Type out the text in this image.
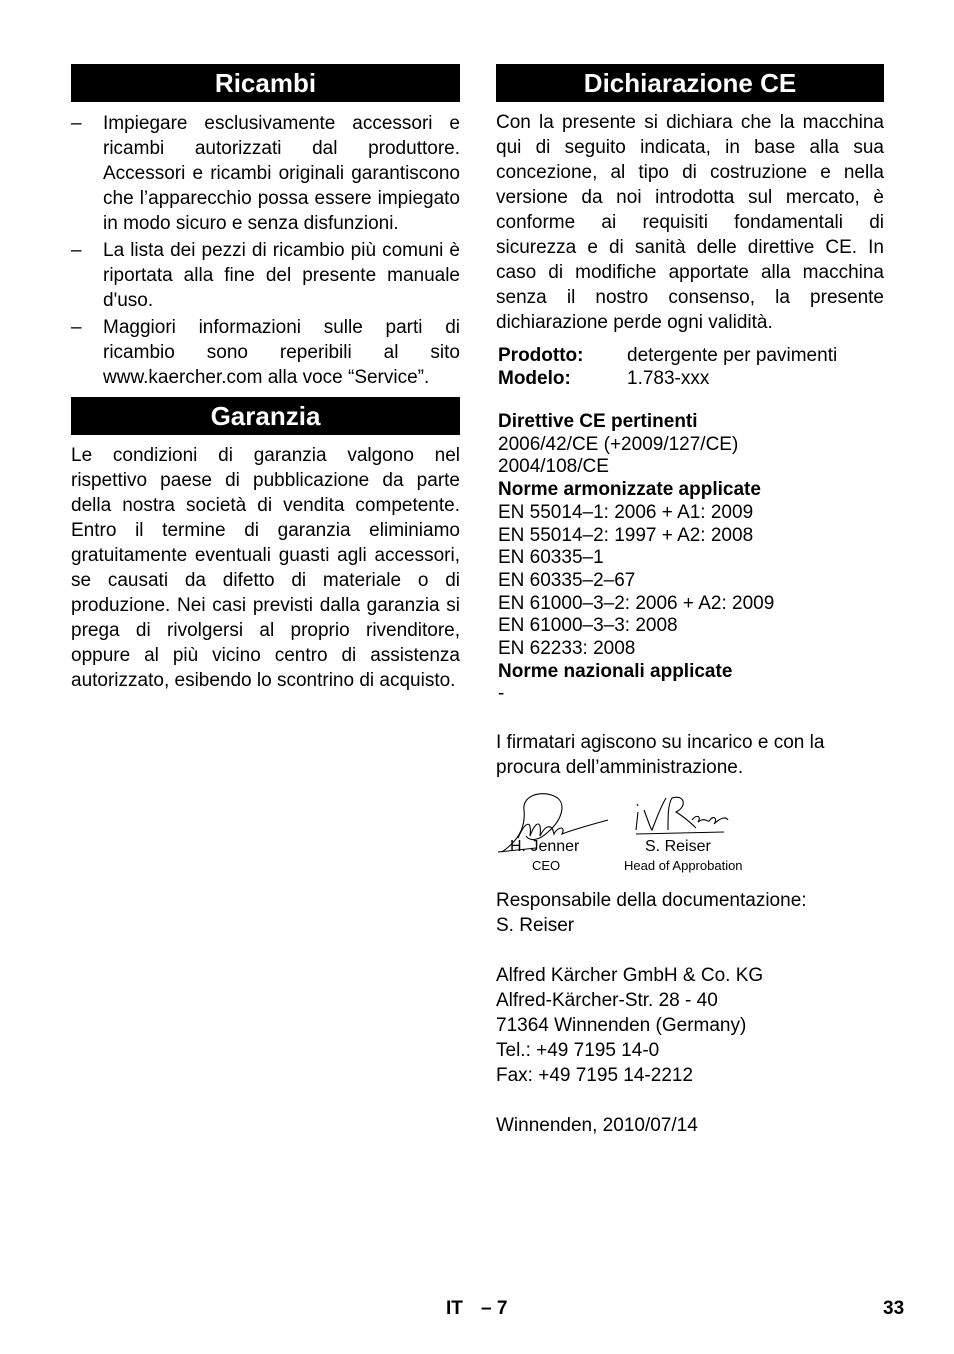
Ricambi
–	Impiegare esclusivamente accessori e ricambi autorizzati dal produttore. Accessori e ricambi originali garantiscono che l’apparecchio possa essere impiegato in modo sicuro e senza disfunzioni.
–	La lista dei pezzi di ricambio più comuni è riportata alla fine del presente manuale d'uso.
–	Maggiori informazioni sulle parti di ricambio sono reperibili al sito www.kaercher.com alla voce “Service”.
Garanzia

Le condizioni di garanzia valgono nel rispettivo paese di pubblicazione da parte della nostra società di vendita competente. Entro il termine di garanzia eliminiamo gratuitamente eventuali guasti agli accessori, se causati da difetto di materiale o di produzione. Nei casi previsti dalla garanzia si prega di rivolgersi al proprio rivenditore, oppure al più vicino centro di assistenza autorizzato, esibendo lo scontrino di acquisto.

Dichiarazione CE

Con la presente si dichiara che la macchina qui di seguito indicata, in base alla sua concezione, al tipo di costruzione e nella versione da noi introdotta sul mercato, è conforme ai requisiti fondamentali di sicurezza e di sanità delle direttive CE. In caso di modifiche apportate alla macchina senza il nostro consenso, la presente dichiarazione perde ogni validità.

Prodotto:	detergente per pavimenti
Modelo:	1.783-xxx
Direttive CE pertinenti
2006/42/CE (+2009/127/CE)
2004/108/CE
Norme armonizzate applicate
EN 55014–1: 2006 + A1: 2009
EN 55014–2: 1997 + A2: 2008
EN 60335–1
EN 60335–2–67
EN 61000–3–2: 2006 + A2: 2009
EN 61000–3–3: 2008
EN 62233: 2008
Norme nazionali applicate
-

I firmatari agiscono su incarico e con la procura dell’amministrazione.

H. Jenner	S. Reiser
CEO	Head of Approbation
Responsabile della documentazione:
S. Reiser
Alfred Kärcher GmbH & Co. KG
Alfred-Kärcher-Str. 28 - 40
71364 Winnenden (Germany)
Tel.: +49 7195 14-0
Fax: +49 7195 14-2212
Winnenden, 2010/07/14
IT – 7	33
